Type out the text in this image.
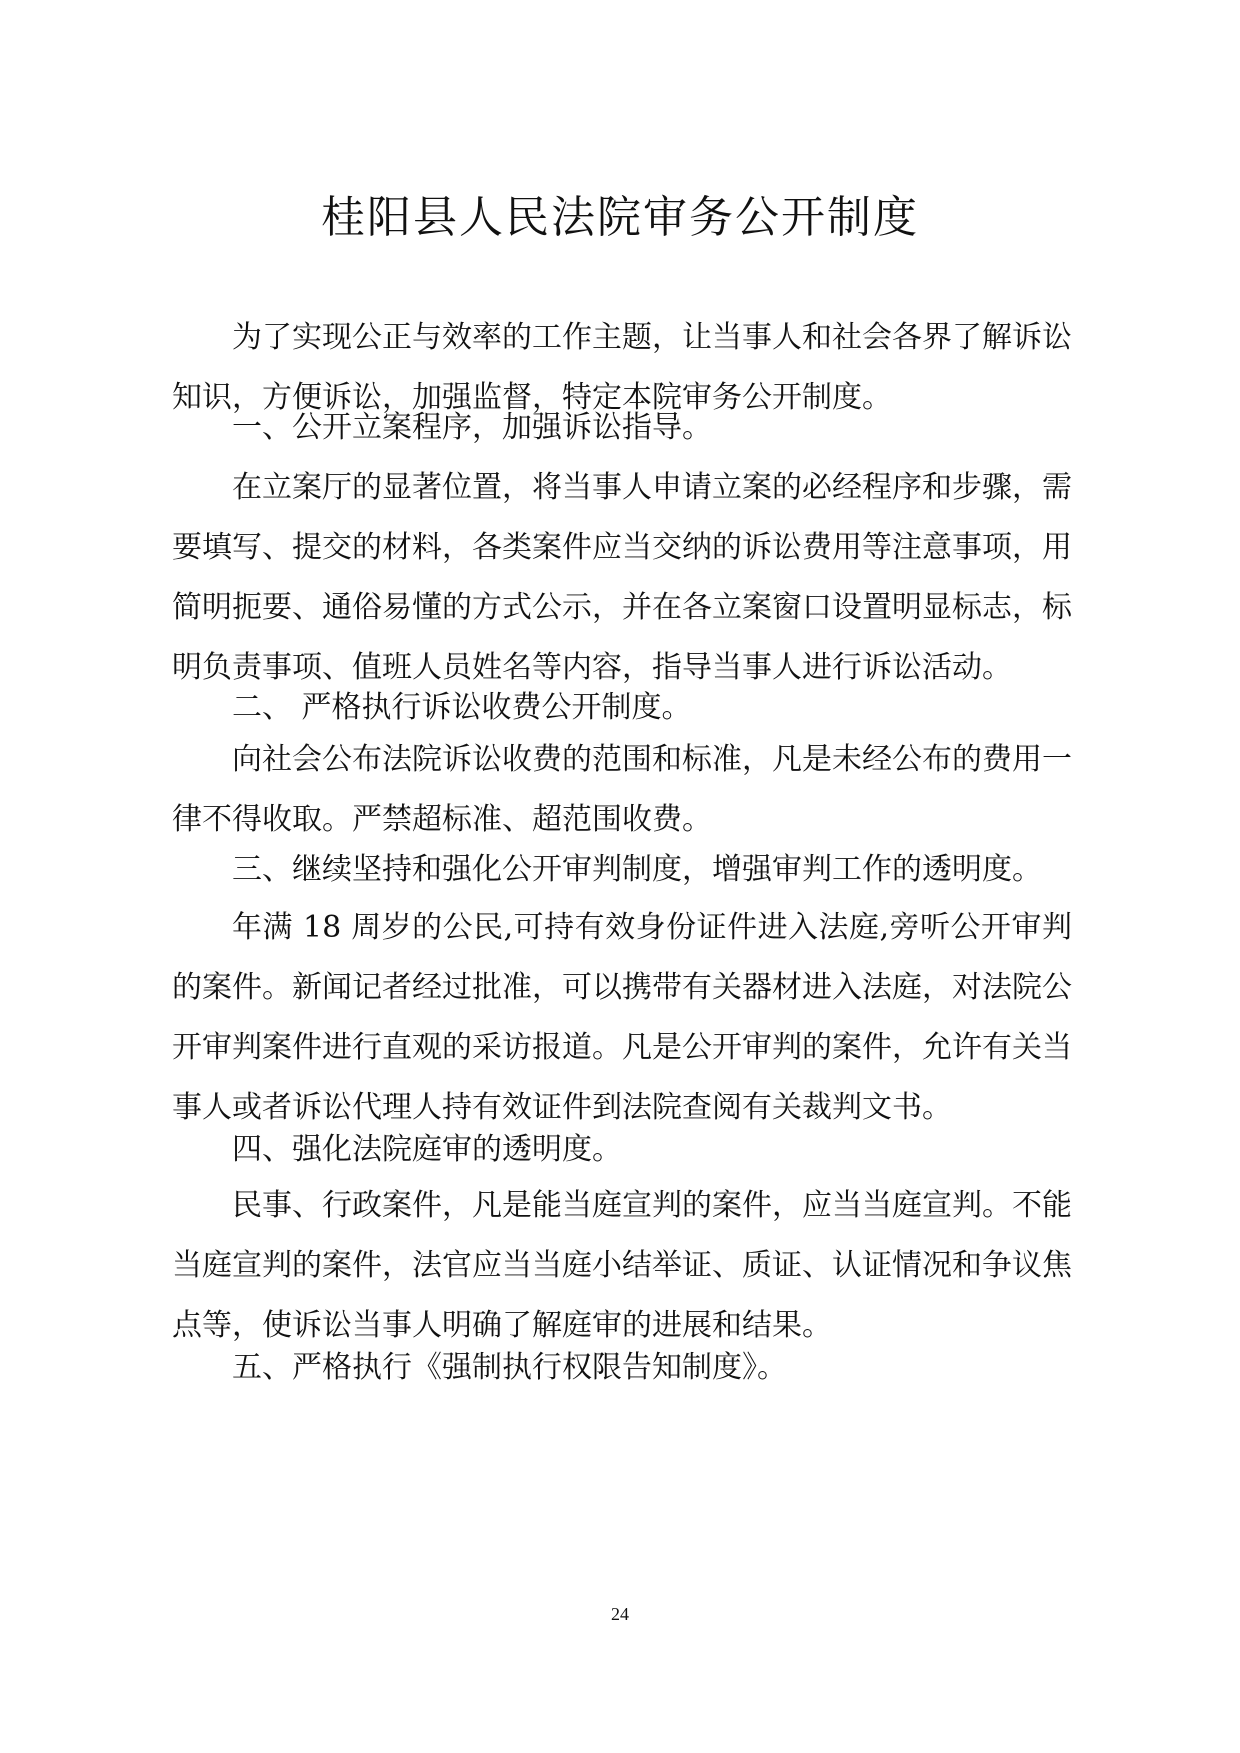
桂阳县人民法院审务公开制度

为了实现公正与效率的工作主题，让当事人和社会各界了解诉讼知识，方便诉讼，加强监督，特定本院审务公开制度。

一、公开立案程序，加强诉讼指导。

在立案厅的显著位置，将当事人申请立案的必经程序和步骤，需要填写、提交的材料，各类案件应当交纳的诉讼费用等注意事项，用简明扼要、通俗易懂的方式公示，并在各立案窗口设置明显标志，标明负责事项、值班人员姓名等内容，指导当事人进行诉讼活动。

二、 严格执行诉讼收费公开制度。

向社会公布法院诉讼收费的范围和标准，凡是未经公布的费用一律不得收取。严禁超标准、超范围收费。

三、继续坚持和强化公开审判制度，增强审判工作的透明度。

年满 18 周岁的公民,可持有效身份证件进入法庭,旁听公开审判的案件。新闻记者经过批准，可以携带有关器材进入法庭，对法院公开审判案件进行直观的采访报道。凡是公开审判的案件，允许有关当事人或者诉讼代理人持有效证件到法院查阅有关裁判文书。

四、强化法院庭审的透明度。

民事、行政案件，凡是能当庭宣判的案件，应当当庭宣判。不能当庭宣判的案件，法官应当当庭小结举证、质证、认证情况和争议焦点等，使诉讼当事人明确了解庭审的进展和结果。

五、严格执行《强制执行权限告知制度》。
24
